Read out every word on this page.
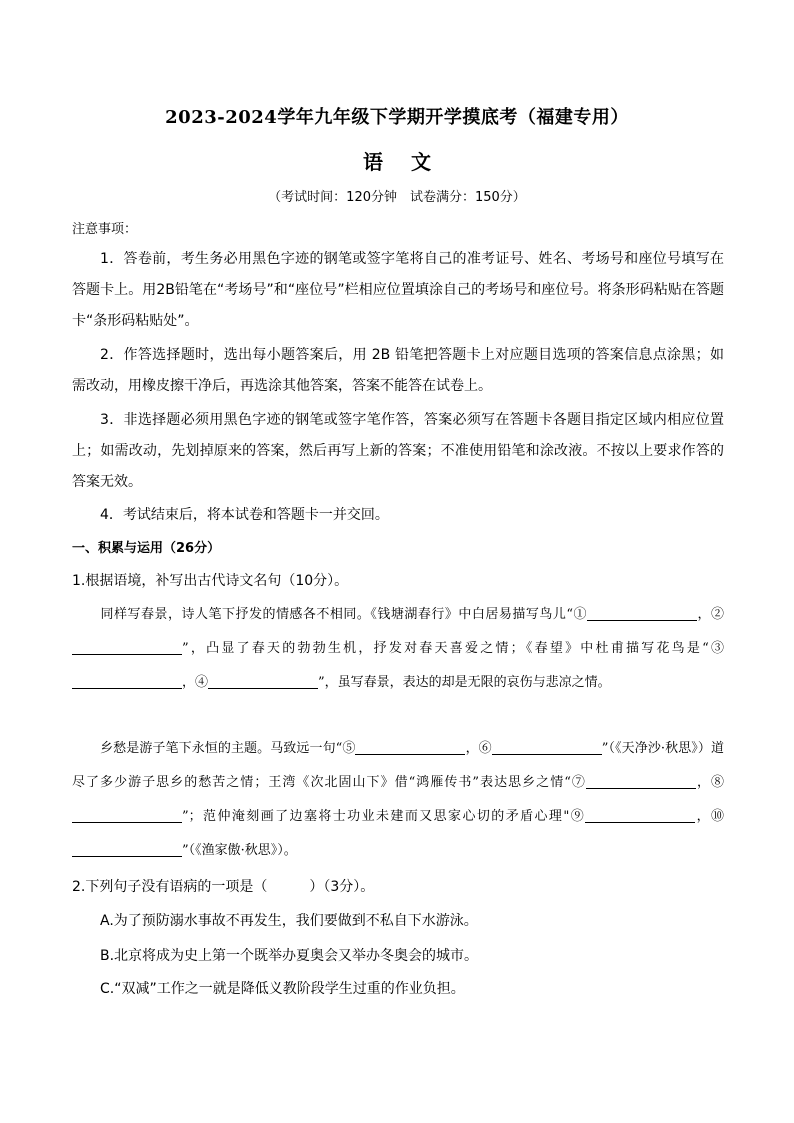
2023-2024学年九年级下学期开学摸底考（福建专用）
语 文
（考试时间：120分钟　试卷满分：150分）
注意事项：
1．答卷前，考生务必用黑色字迹的钢笔或签字笔将自己的准考证号、姓名、考场号和座位号填写在答题卡上。用2B铅笔在“考场号”和“座位号”栏相应位置填涂自己的考场号和座位号。将条形码粘贴在答题卡“条形码粘贴处”。
2．作答选择题时，选出每小题答案后，用 2B 铅笔把答题卡上对应题目选项的答案信息点涂黑；如需改动，用橡皮擦干净后，再选涂其他答案，答案不能答在试卷上。
3．非选择题必须用黑色字迹的钢笔或签字笔作答，答案必须写在答题卡各题目指定区域内相应位置上；如需改动，先划掉原来的答案，然后再写上新的答案；不准使用铅笔和涂改液。不按以上要求作答的答案无效。
4．考试结束后，将本试卷和答题卡一并交回。
一、积累与运用（26分）
1.根据语境，补写出古代诗文名句（10分）。
同样写春景，诗人笔下抒发的情感各不相同。《钱塘湖春行》中白居易描写鸟儿“①	，②”，凸显了春天的勃勃生机，抒发对春天喜爱之情；《春望》中杜甫描写花鸟是“③，④	”，虽写春景，表达的却是无限的哀伤与悲凉之情。
乡愁是游子笔下永恒的主题。马致远一句“⑤	，⑥	”（《天净沙·秋思》）道尽了多少游子思乡的愁苦之情；王湾《次北固山下》借“鸿雁传书”表达思乡之情“⑦	，⑧”；范仲淹刻画了边塞将士功业未建而又思家心切的矛盾心理"⑨	，⑩”（《渔家傲·秋思》）。
2.下列句子没有语病的一项是（　　　）（3分）。
A.为了预防溺水事故不再发生，我们要做到不私自下水游泳。
B.北京将成为史上第一个既举办夏奥会又举办冬奥会的城市。
C.“双减”工作之一就是降低义教阶段学生过重的作业负担。
